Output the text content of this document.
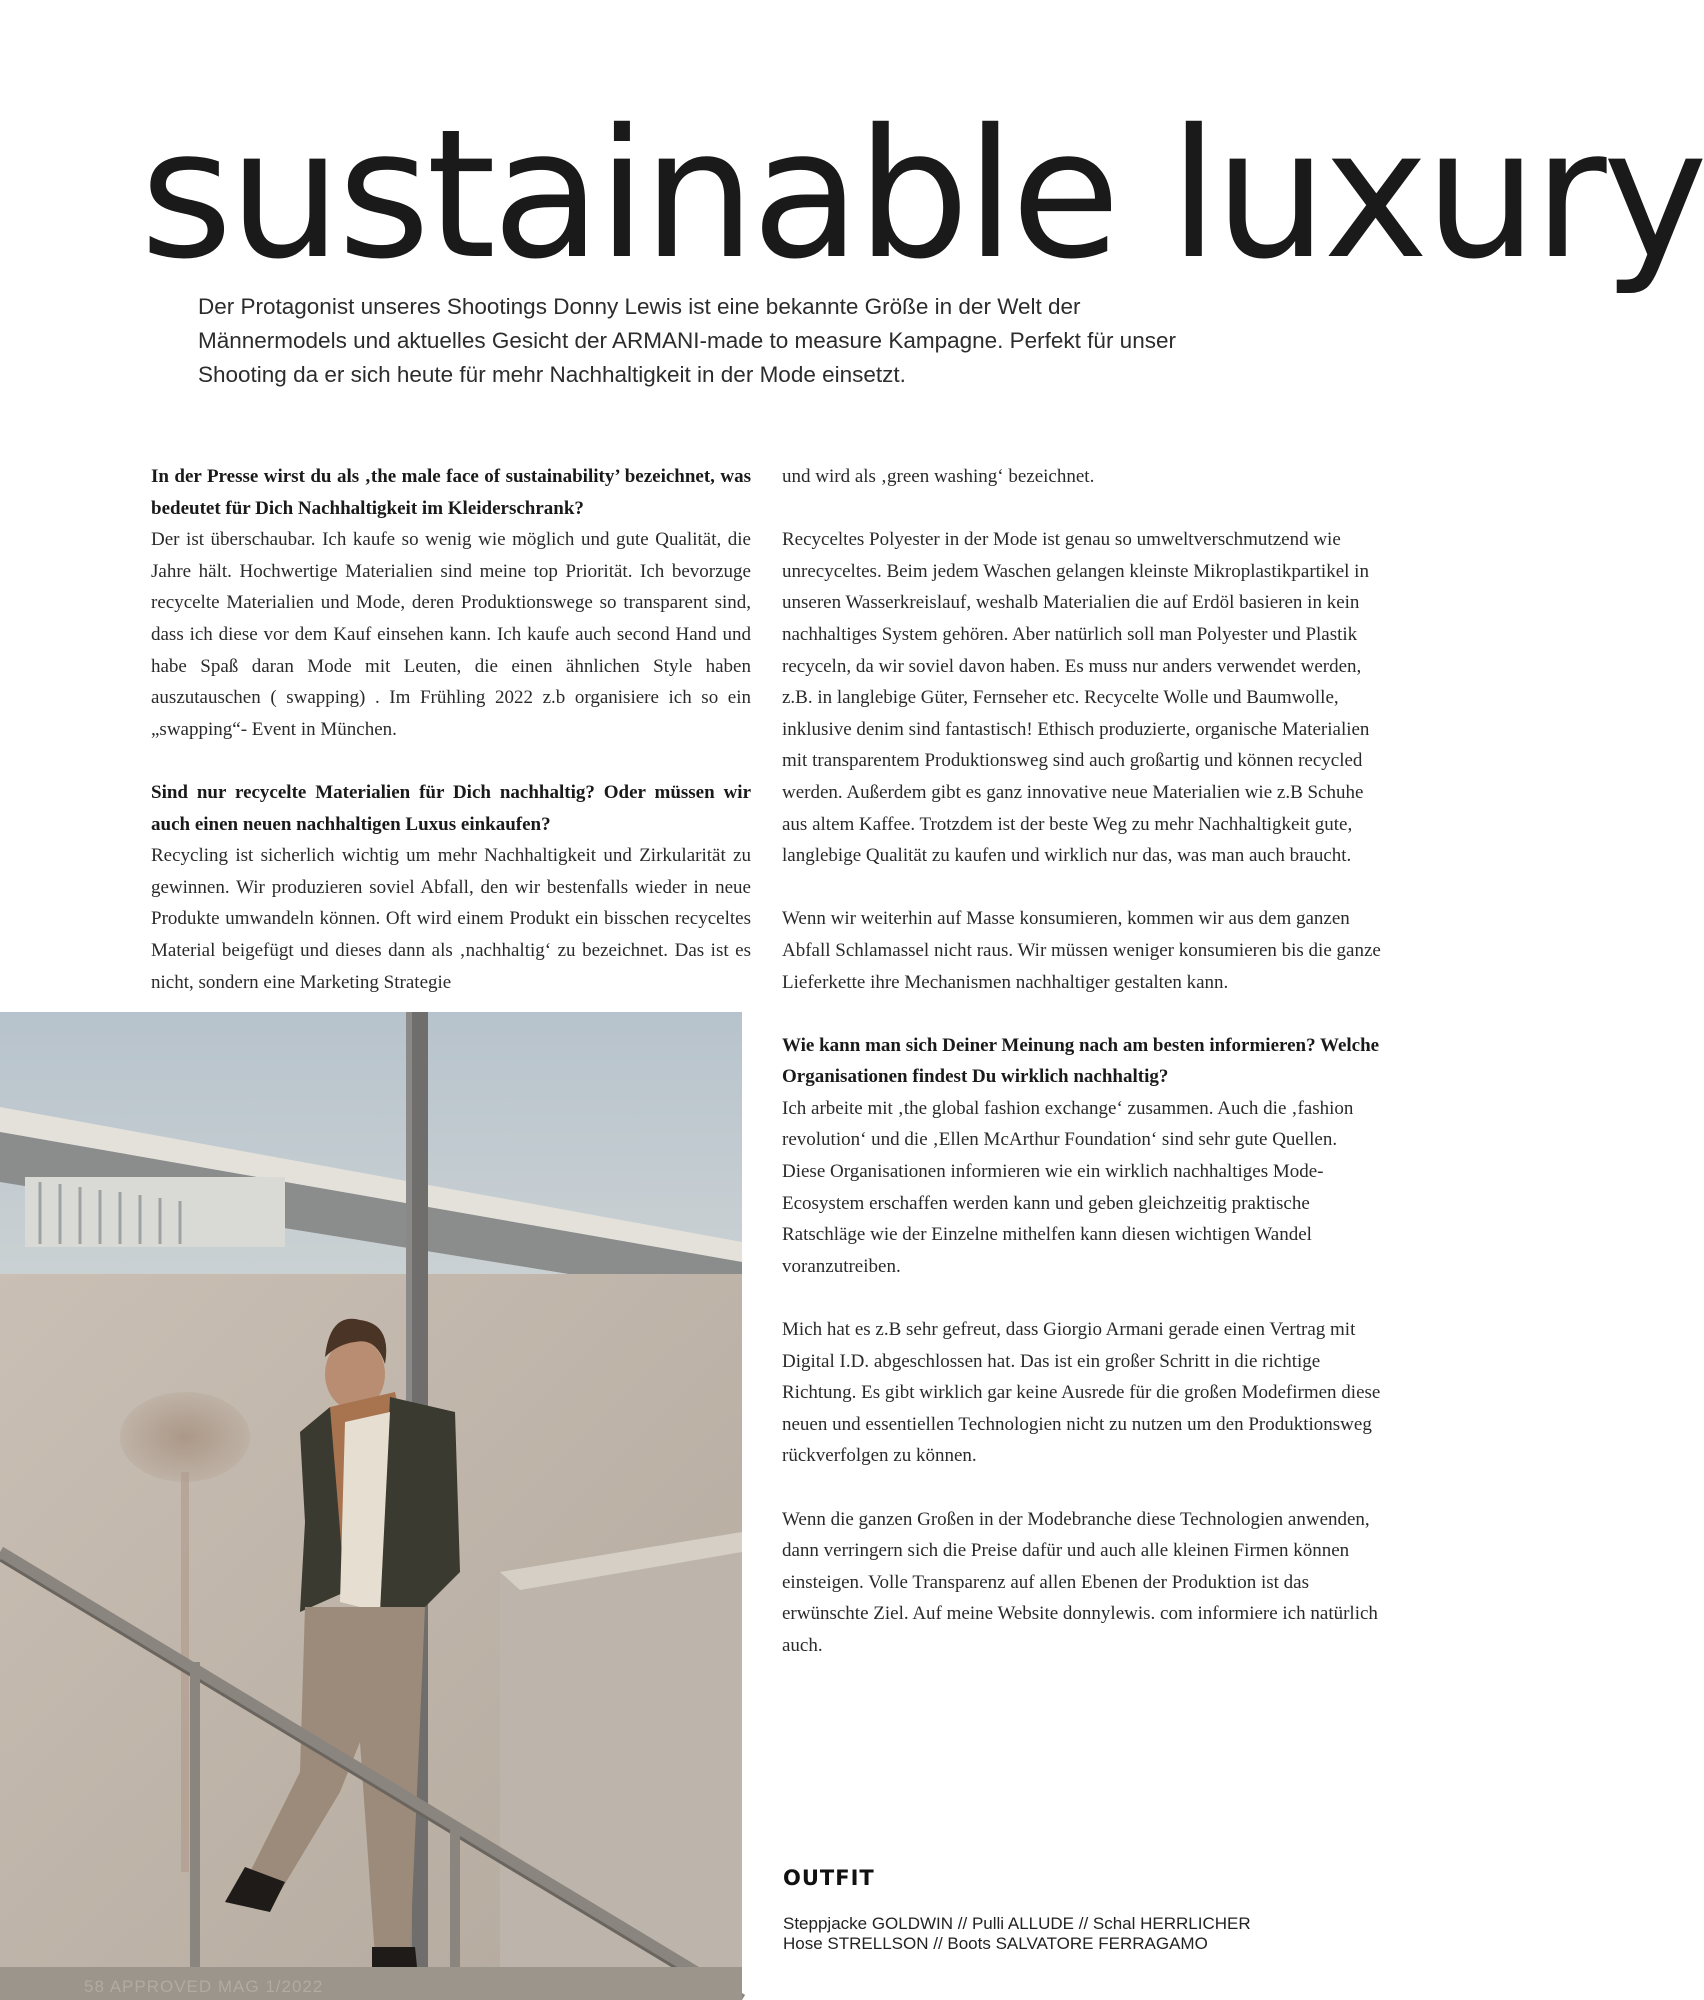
sustainable luxury

Der Protagonist unseres Shootings Donny Lewis ist eine bekannte Größe in der Welt der Männermodels und aktuelles Gesicht der ARMANI-made to measure Kampagne. Perfekt für unser Shooting da er sich heute für mehr Nachhaltigkeit in der Mode einsetzt.

In der Presse wirst du als ‚the male face of sustainability’ bezeichnet, was bedeutet für Dich Nachhaltigkeit im Kleiderschrank?

Der ist überschaubar. Ich kaufe so wenig wie möglich und gute Qualität, die Jahre hält. Hochwertige Materialien sind meine top Priorität. Ich bevorzuge recycelte Materialien und Mode, deren Produktionswege so transparent sind, dass ich diese vor dem Kauf einsehen kann. Ich kaufe auch second Hand und habe Spaß daran Mode mit Leuten, die einen ähnlichen Style haben auszutauschen ( swapping) . Im Frühling 2022 z.b organisiere ich so ein „swapping“- Event in München.

Sind nur recycelte Materialien für Dich nachhaltig? Oder müssen wir auch einen neuen nachhaltigen Luxus einkaufen?

Recycling ist sicherlich wichtig um mehr Nachhaltigkeit und Zirkularität zu gewinnen. Wir produzieren soviel Abfall, den wir bestenfalls wieder in neue Produkte umwandeln können. Oft wird einem Produkt ein bisschen recyceltes Material beigefügt und dieses dann als ‚nachhaltig‘ zu bezeichnet. Das ist es nicht, sondern eine Marketing Strategie

und wird als ‚green washing‘ bezeichnet.

Recyceltes Polyester in der Mode ist genau so umweltverschmutzend wie unrecyceltes. Beim jedem Waschen gelangen kleinste Mikroplastikpartikel in unseren Wasserkreislauf, weshalb Materialien die auf Erdöl basieren in kein nachhaltiges System gehören. Aber natürlich soll man Polyester und Plastik recyceln, da wir soviel davon haben. Es muss nur anders verwendet werden, z.B. in langlebige Güter, Fernseher etc. Recycelte Wolle und Baumwolle, inklusive denim sind fantastisch! Ethisch produzierte, organische Materialien mit transparentem Produktionsweg sind auch großartig und können recycled werden. Außerdem gibt es ganz innovative neue Materialien wie z.B Schuhe aus altem Kaffee. Trotzdem ist der beste Weg zu mehr Nachhaltigkeit gute, langlebige Qualität zu kaufen und wirklich nur das, was man auch braucht.

Wenn wir weiterhin auf Masse konsumieren, kommen wir aus dem ganzen Abfall Schlamassel nicht raus. Wir müssen weniger konsumieren bis die ganze Lieferkette ihre Mechanismen nachhaltiger gestalten kann.

Wie kann man sich Deiner Meinung nach am besten informieren? Welche Organisationen findest Du wirklich nachhaltig?

Ich arbeite mit ‚the global fashion exchange‘ zusammen. Auch die ‚fashion revolution‘ und die ‚Ellen McArthur Foundation‘ sind sehr gute Quellen. Diese Organisationen informieren wie ein wirklich nachhaltiges Mode-Ecosystem erschaffen werden kann und geben gleichzeitig praktische Ratschläge wie der Einzelne mithelfen kann diesen wichtigen Wandel voranzutreiben.

Mich hat es z.B sehr gefreut, dass Giorgio Armani gerade einen Vertrag mit Digital I.D. abgeschlossen hat. Das ist ein großer Schritt in die richtige Richtung. Es gibt wirklich gar keine Ausrede für die großen Modefirmen diese neuen und essentiellen Technologien nicht zu nutzen um den Produktionsweg rückverfolgen zu können.

Wenn die ganzen Großen in der Modebranche diese Technologien anwenden, dann verringern sich die Preise dafür und auch alle kleinen Firmen können einsteigen. Volle Transparenz auf allen Ebenen der Produktion ist das erwünschte Ziel. Auf meine Website donnylewis. com informiere ich natürlich auch.

OUTFIT
Steppjacke GOLDWIN // Pulli ALLUDE // Schal HERRLICHER
Hose STRELLSON // Boots SALVATORE FERRAGAMO
58 APPROVED MAG 1/2022
